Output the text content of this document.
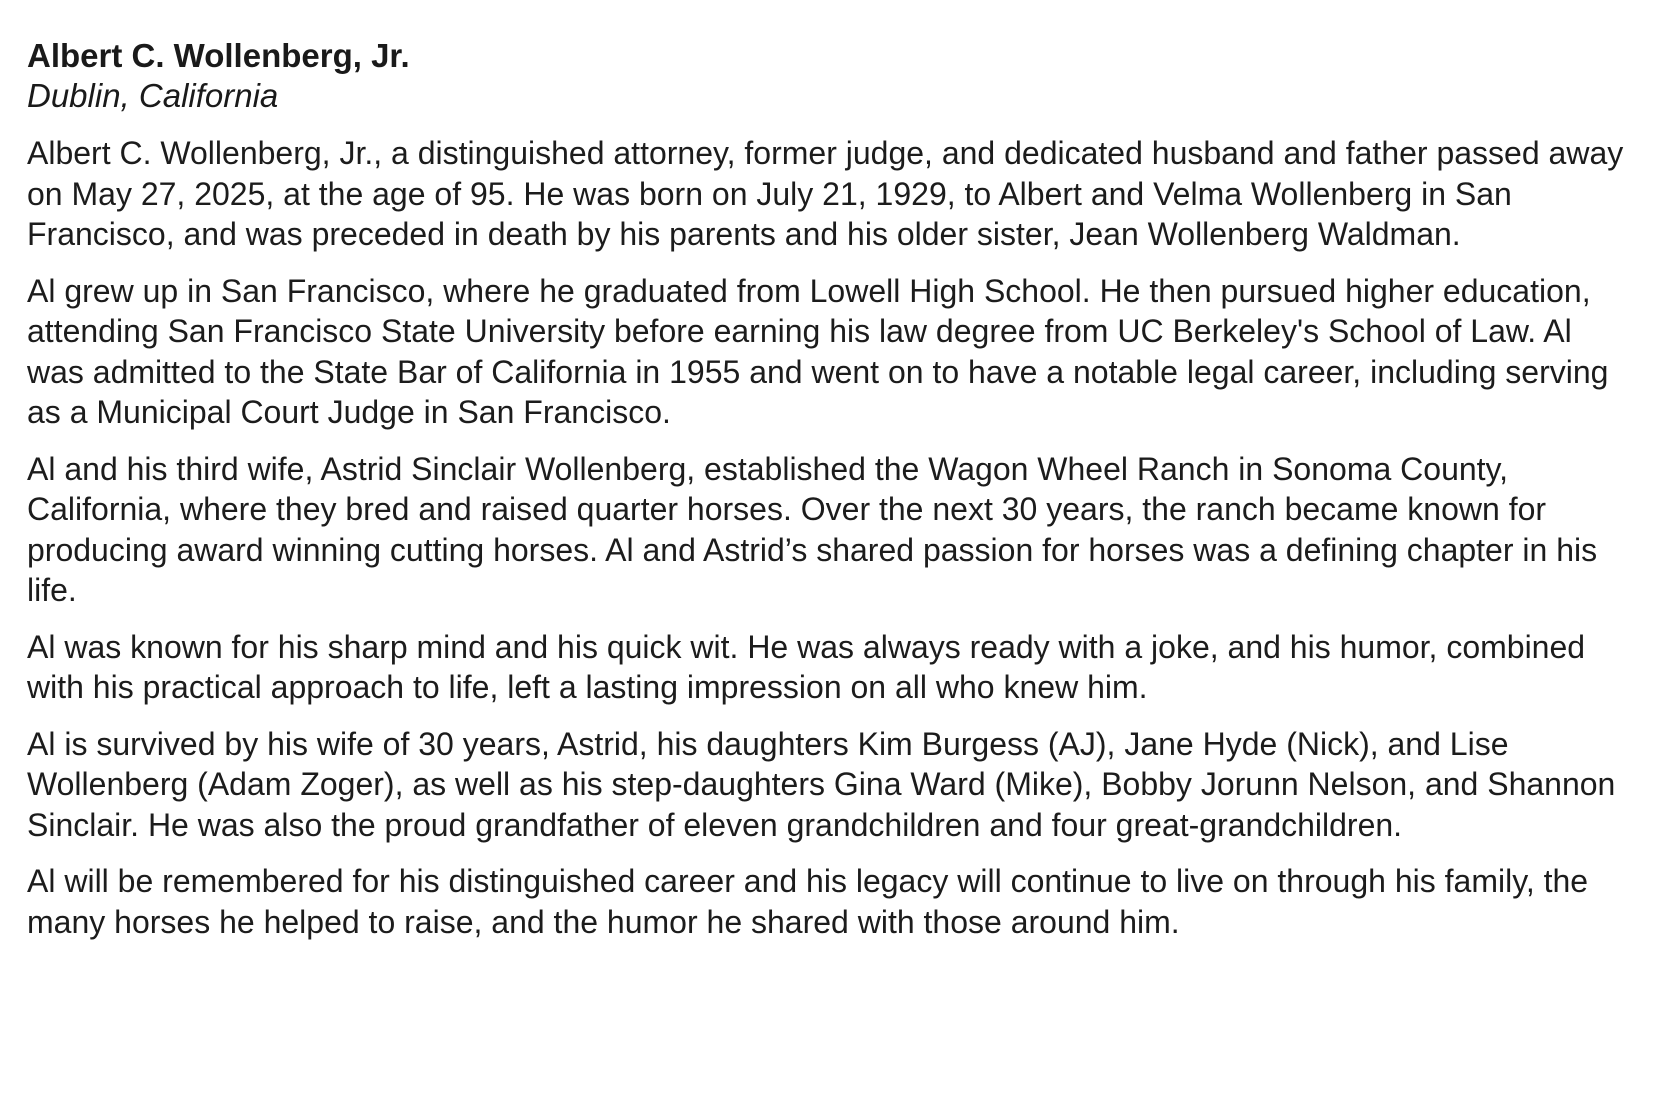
Albert C. Wollenberg, Jr.
Dublin, California

Albert C. Wollenberg, Jr., a distinguished attorney, former judge, and dedicated husband and father passed away on May 27, 2025, at the age of 95. He was born on July 21, 1929, to Albert and Velma Wollenberg in San Francisco, and was preceded in death by his parents and his older sister, Jean Wollenberg Waldman.

Al grew up in San Francisco, where he graduated from Lowell High School. He then pursued higher education, attending San Francisco State University before earning his law degree from UC Berkeley's School of Law. Al was admitted to the State Bar of California in 1955 and went on to have a notable legal career, including serving as a Municipal Court Judge in San Francisco.

Al and his third wife, Astrid Sinclair Wollenberg, established the Wagon Wheel Ranch in Sonoma County, California, where they bred and raised quarter horses. Over the next 30 years, the ranch became known for producing award winning cutting horses. Al and Astrid’s shared passion for horses was a defining chapter in his life.

Al was known for his sharp mind and his quick wit. He was always ready with a joke, and his humor, combined with his practical approach to life, left a lasting impression on all who knew him.

Al is survived by his wife of 30 years, Astrid, his daughters Kim Burgess (AJ), Jane Hyde (Nick), and Lise Wollenberg (Adam Zoger), as well as his step-daughters Gina Ward (Mike), Bobby Jorunn Nelson, and Shannon Sinclair. He was also the proud grandfather of eleven grandchildren and four great-grandchildren.

Al will be remembered for his distinguished career and his legacy will continue to live on through his family, the many horses he helped to raise, and the humor he shared with those around him.
